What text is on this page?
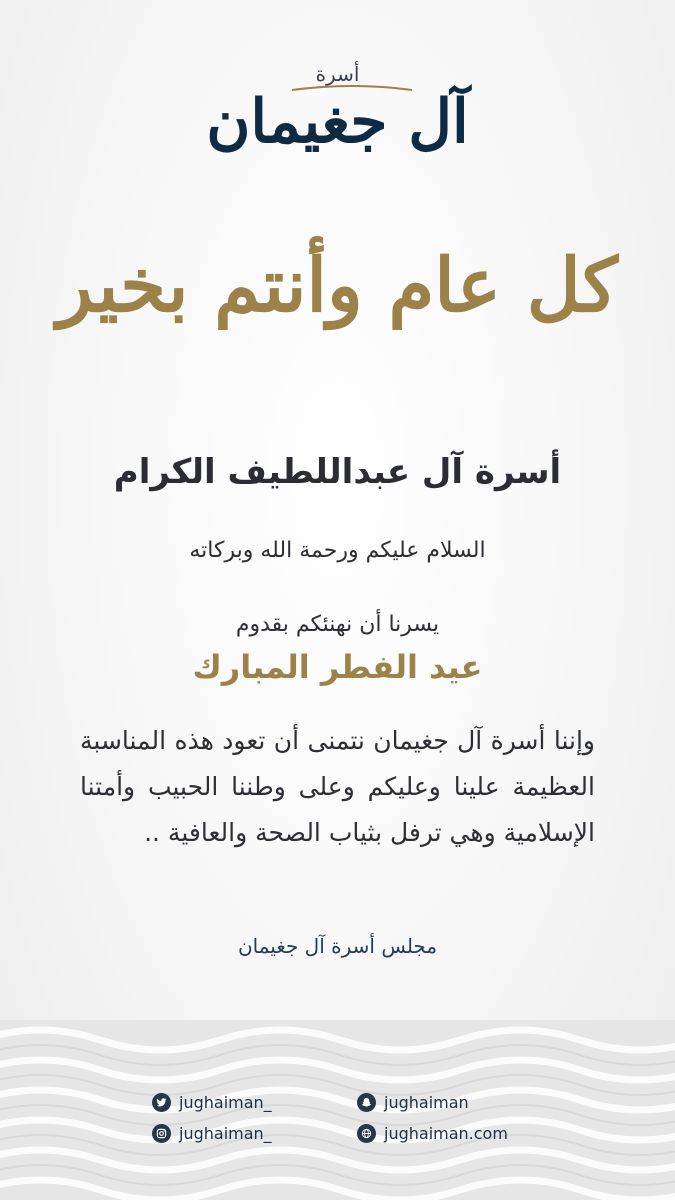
أسرة
آل جغيمان
كل عام وأنتم بخير
أسرة آل عبداللطيف الكرام
السلام عليكم ورحمة الله وبركاته
يسرنا أن نهنئكم بقدوم
عيد الفطر المبارك
وإننا أسرة آل جغيمان نتمنى أن تعود هذه المناسبة العظيمة علينا وعليكم وعلى وطننا الحبيب وأمتنا الإسلامية وهي ترفل بثياب الصحة والعافية ..
مجلس أسرة آل جغيمان
jughaiman_
jughaiman_
jughaiman
jughaiman.com
